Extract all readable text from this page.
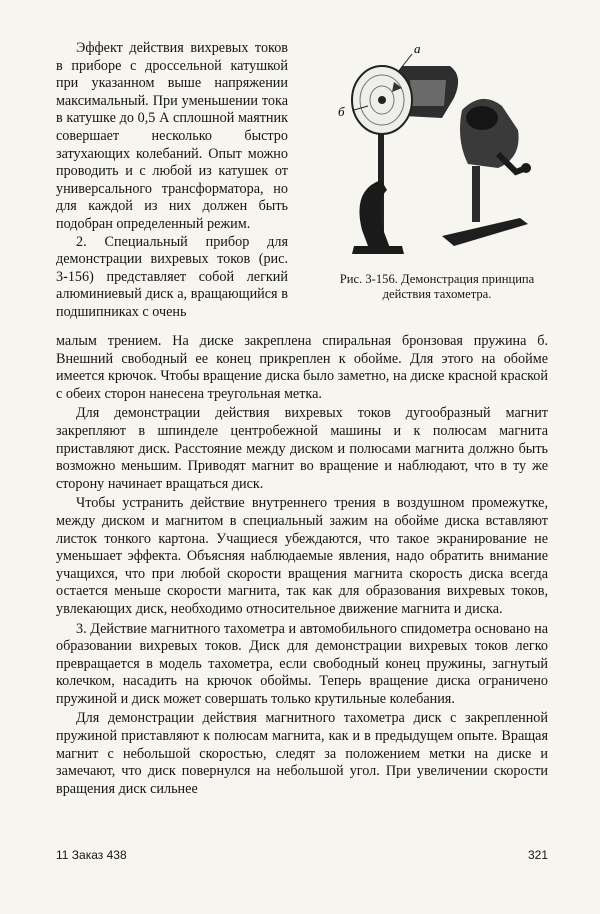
Эффект действия вихревых токов в приборе с дроссельной катушкой при указанном выше напряжении максимальный. При уменьшении тока в катушке до 0,5 А сплошной маятник совершает несколько быстро затухающих колебаний. Опыт можно проводить и с любой из катушек от универсального трансформатора, но для каждой из них должен быть подобран определенный режим.

2. Специальный прибор для демонстрации вихревых токов (рис. 3-156) представляет собой легкий алюминиевый диск а, вращающийся в подшипниках с очень

а
б
Рис. 3-156. Демонстрация принципа действия тахометра.

малым трением. На диске закреплена спиральная бронзовая пружина б. Внешний свободный ее конец прикреплен к обойме. Для этого на обойме имеется крючок. Чтобы вращение диска было заметно, на диске красной краской с обеих сторон нанесена треугольная метка.

Для демонстрации действия вихревых токов дугообразный магнит закрепляют в шпинделе центробежной машины и к полюсам магнита приставляют диск. Расстояние между диском и полюсами магнита должно быть возможно меньшим. Приводят магнит во вращение и наблюдают, что в ту же сторону начинает вращаться диск.

Чтобы устранить действие внутреннего трения в воздушном промежутке, между диском и магнитом в специальный зажим на обойме диска вставляют листок тонкого картона. Учащиеся убеждаются, что такое экранирование не уменьшает эффекта. Объясняя наблюдаемые явления, надо обратить внимание учащихся, что при любой скорости вращения магнита скорость диска всегда остается меньше скорости магнита, так как для образования вихревых токов, увлекающих диск, необходимо относительное движение магнита и диска.

3. Действие магнитного тахометра и автомобильного спидометра основано на образовании вихревых токов. Диск для демонстрации вихревых токов легко превращается в модель тахометра, если свободный конец пружины, загнутый колечком, насадить на крючок обоймы. Теперь вращение диска ограничено пружиной и диск может совершать только крутильные колебания.

Для демонстрации действия магнитного тахометра диск с закрепленной пружиной приставляют к полюсам магнита, как и в предыдущем опыте. Вращая магнит с небольшой скоростью, следят за положением метки на диске и замечают, что диск повернулся на небольшой угол. При увеличении скорости вращения диск сильнее

11 Заказ 438	321
